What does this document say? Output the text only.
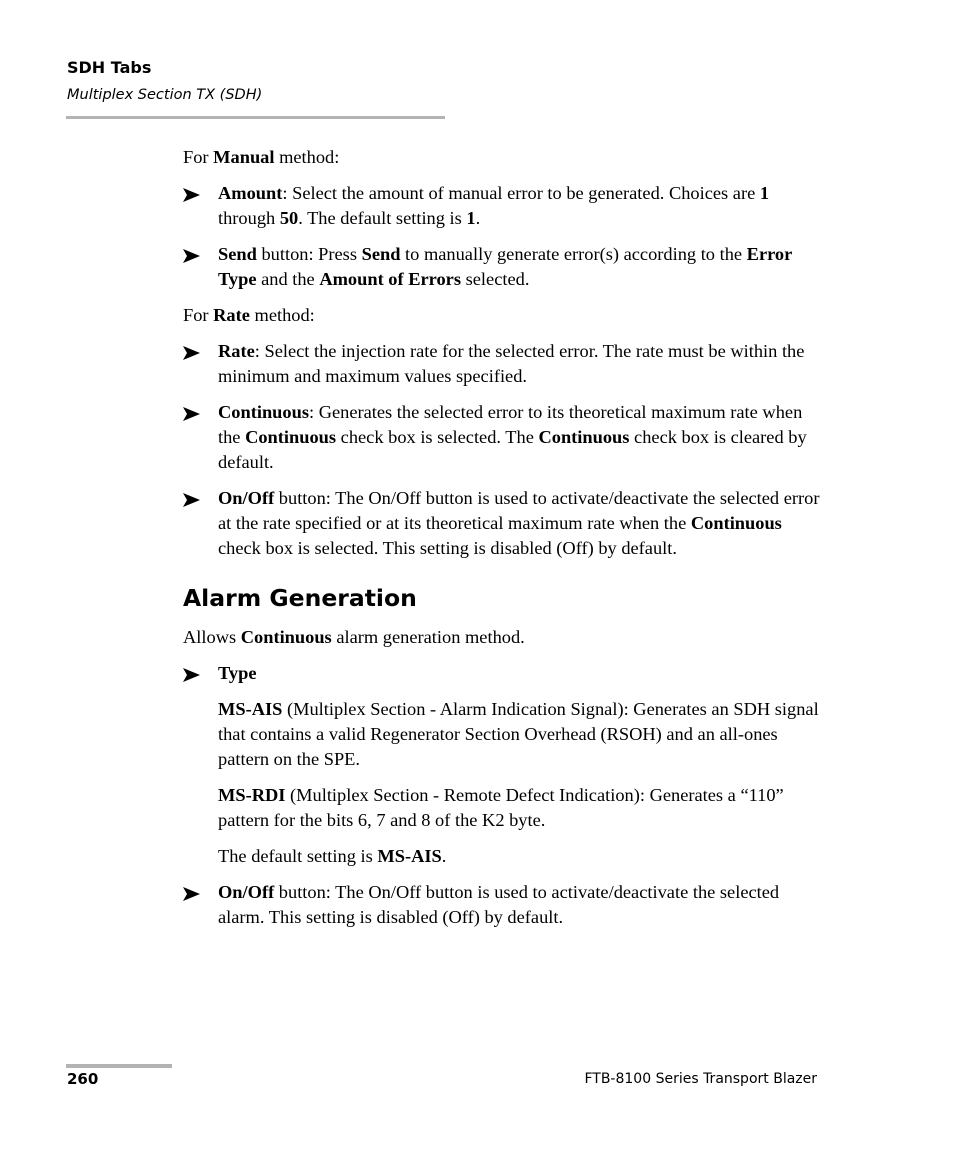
SDH Tabs
Multiplex Section TX (SDH)

For Manual method:

Amount: Select the amount of manual error to be generated. Choices are 1 through 50. The default setting is 1.
Send button: Press Send to manually generate error(s) according to the Error Type and the Amount of Errors selected.

For Rate method:

Rate: Select the injection rate for the selected error. The rate must be within the minimum and maximum values specified.
Continuous: Generates the selected error to its theoretical maximum rate when the Continuous check box is selected. The Continuous check box is cleared by default.
On/Off button: The On/Off button is used to activate/deactivate the selected error at the rate specified or at its theoretical maximum rate when the Continuous check box is selected. This setting is disabled (Off) by default.
Alarm Generation

Allows Continuous alarm generation method.

Type

MS-AIS (Multiplex Section - Alarm Indication Signal): Generates an SDH signal that contains a valid Regenerator Section Overhead (RSOH) and an all-ones pattern on the SPE.

MS-RDI (Multiplex Section - Remote Defect Indication): Generates a “110” pattern for the bits 6, 7 and 8 of the K2 byte.

The default setting is MS-AIS.

On/Off button: The On/Off button is used to activate/deactivate the selected alarm. This setting is disabled (Off) by default.
260	FTB-8100 Series Transport Blazer
